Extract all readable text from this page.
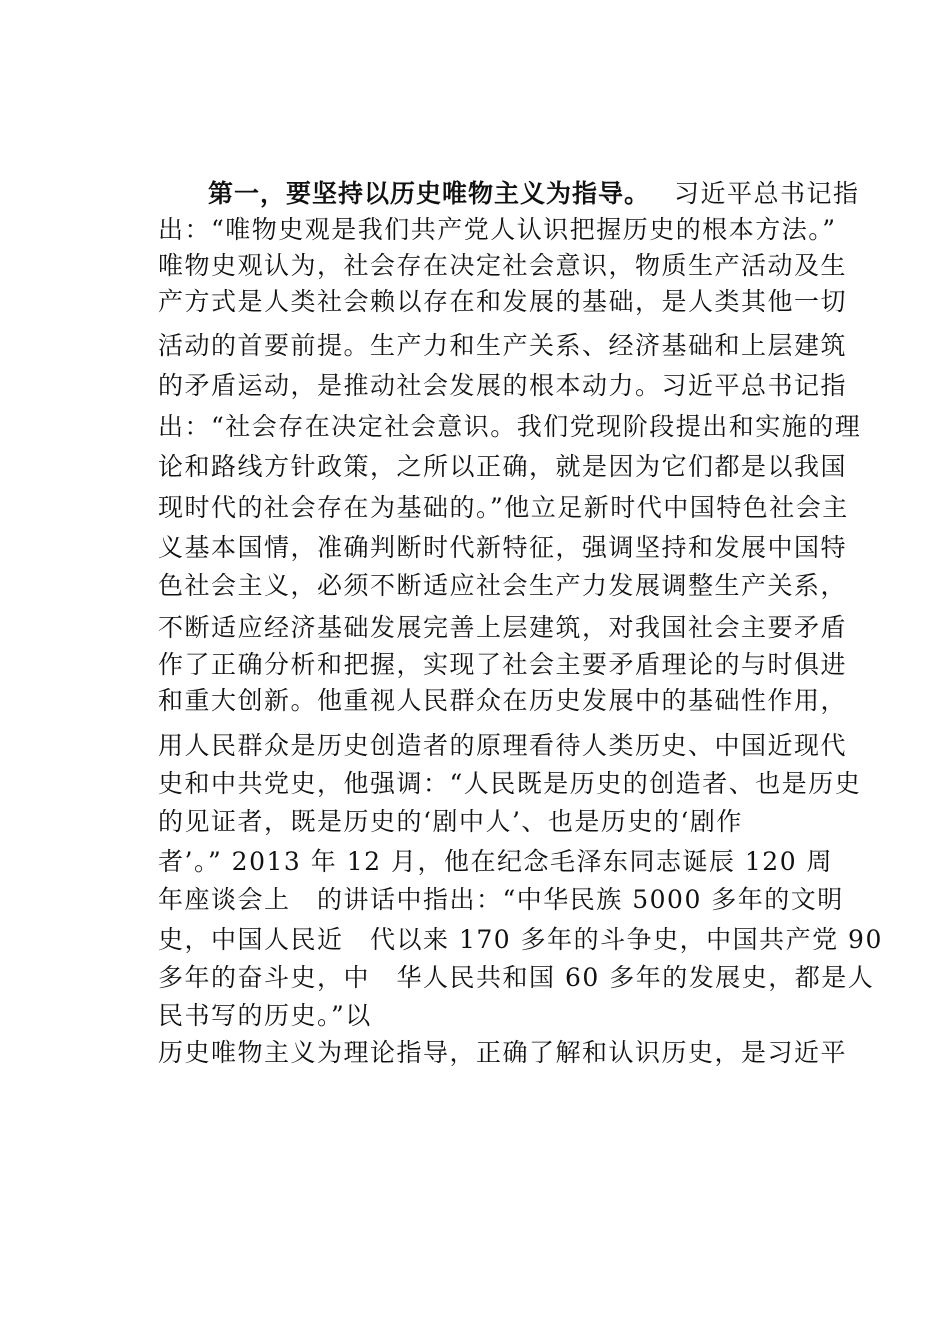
第一，要坚持以历史唯物主义为指导。 习近平总书记指
出：“唯物史观是我们共产党人认识把握历史的根本方法。”
唯物史观认为，社会存在决定社会意识，物质生产活动及生
产方式是人类社会赖以存在和发展的基础，是人类其他一切
活动的首要前提。生产力和生产关系、经济基础和上层建筑
的矛盾运动，是推动社会发展的根本动力。习近平总书记指
出：“社会存在决定社会意识。我们党现阶段提出和实施的理
论和路线方针政策，之所以正确，就是因为它们都是以我国
现时代的社会存在为基础的。”他立足新时代中国特色社会主
义基本国情，准确判断时代新特征，强调坚持和发展中国特
色社会主义，必须不断适应社会生产力发展调整生产关系，
不断适应经济基础发展完善上层建筑，对我国社会主要矛盾
作了正确分析和把握，实现了社会主要矛盾理论的与时俱进
和重大创新。他重视人民群众在历史发展中的基础性作用，
用人民群众是历史创造者的原理看待人类历史、中国近现代
史和中共党史，他强调：“人民既是历史的创造者、也是历史
的见证者，既是历史的‘剧中人’、也是历史的‘剧作
者’。” 2013 年 12 月，他在纪念毛泽东同志诞辰 120 周
年座谈会上　的讲话中指出：“中华民族 5000 多年的文明
史，中国人民近　代以来 170 多年的斗争史，中国共产党 90
多年的奋斗史，中　华人民共和国 60 多年的发展史，都是人
民书写的历史。”以
历史唯物主义为理论指导，正确了解和认识历史，是习近平
